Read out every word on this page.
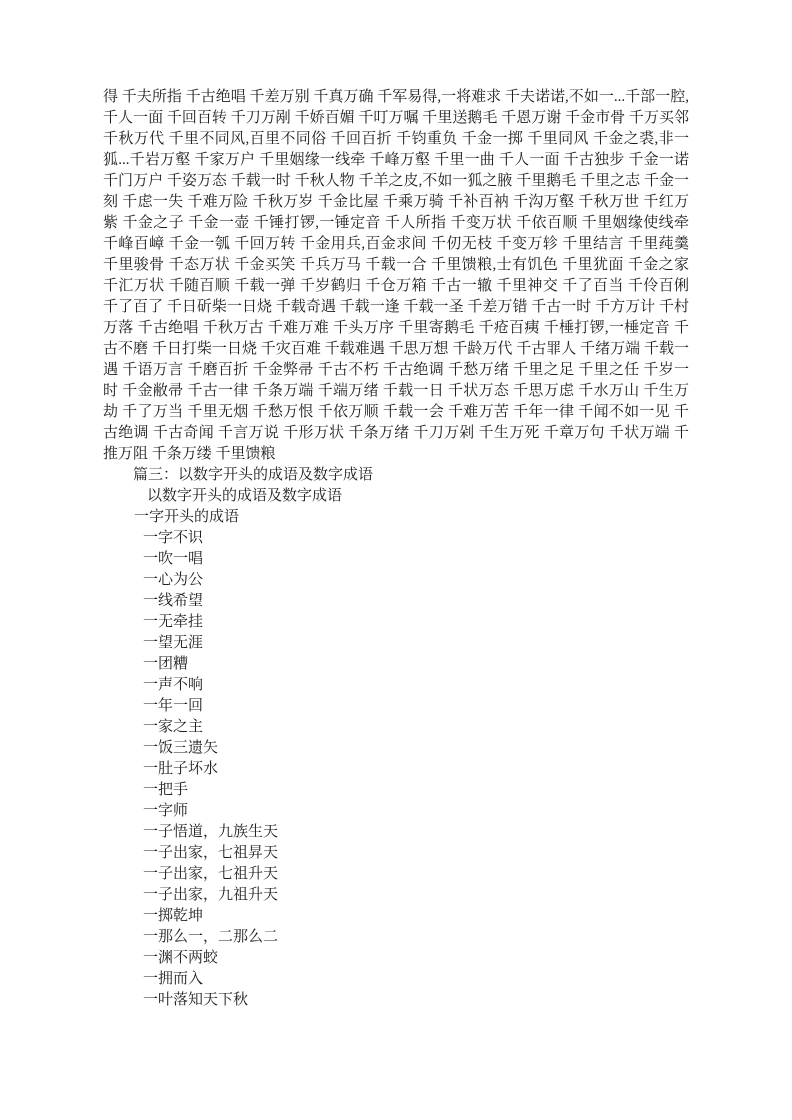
得 千夫所指 千古绝唱 千差万别 千真万确 千军易得,一将难求 千夫诺诺,不如一...千部一腔,千人一面 千回百转 千刀万剐 千娇百媚 千叮万嘱 千里送鹅毛 千恩万谢 千金市骨 千万买邻 千秋万代 千里不同风,百里不同俗 千回百折 千钧重负 千金一掷 千里同风 千金之裘,非一狐...千岩万壑 千家万户 千里姻缘一线牵 千峰万壑 千里一曲 千人一面 千古独步 千金一诺 千门万户 千姿万态 千载一时 千秋人物 千羊之皮,不如一狐之腋 千里鹅毛 千里之志 千金一刻 千虑一失 千难万险 千秋万岁 千金比屋 千乘万骑 千补百衲 千沟万壑 千秋万世 千红万紫 千金之子 千金一壶 千锤打锣,一锤定音 千人所指 千变万状 千依百顺 千里姻缘使线牵 千峰百嶂 千金一瓠 千回万转 千金用兵,百金求间 千仞无枝 千变万轸 千里结言 千里莼羹 千里骏骨 千态万状 千金买笑 千兵万马 千载一合 千里馈粮,士有饥色 千里犹面 千金之家 千汇万状 千随百顺 千载一弹 千岁鹤归 千仓万箱 千古一辙 千里神交 千了百当 千伶百俐 千了百了 千日斫柴一日烧 千载奇遇 千载一逢 千载一圣 千差万错 千古一时 千方万计 千村万落 千古绝唱 千秋万古 千难万难 千头万序 千里寄鹅毛 千疮百痍 千棰打锣,一棰定音 千古不磨 千日打柴一日烧 千灾百难 千载难遇 千思万想 千龄万代 千古罪人 千绪万端 千载一遇 千语万言 千磨百折 千金弊帚 千古不朽 千古绝调 千愁万绪 千里之足 千里之任 千岁一时 千金敝帚 千古一律 千条万端 千端万绪 千载一日 千状万态 千思万虑 千水万山 千生万劫 千了万当 千里无烟 千愁万恨 千依万顺 千载一会 千难万苦 千年一律 千闻不如一见 千古绝调 千古奇闻 千言万说 千形万状 千条万绪 千刀万剁 千生万死 千章万句 千状万端 千推万阻 千条万缕 千里馈粮

篇三：以数字开头的成语及数字成语
以数字开头的成语及数字成语
一字开头的成语
一字不识
一吹一唱
一心为公
一线希望
一无牵挂
一望无涯
一团糟
一声不响
一年一回
一家之主
一饭三遗矢
一肚子坏水
一把手
一字师
一子悟道，九族生天
一子出家，七祖昇天
一子出家，七祖升天
一子出家，九祖升天
一掷乾坤
一那么一，二那么二
一渊不两蛟
一拥而入
一叶落知天下秋
